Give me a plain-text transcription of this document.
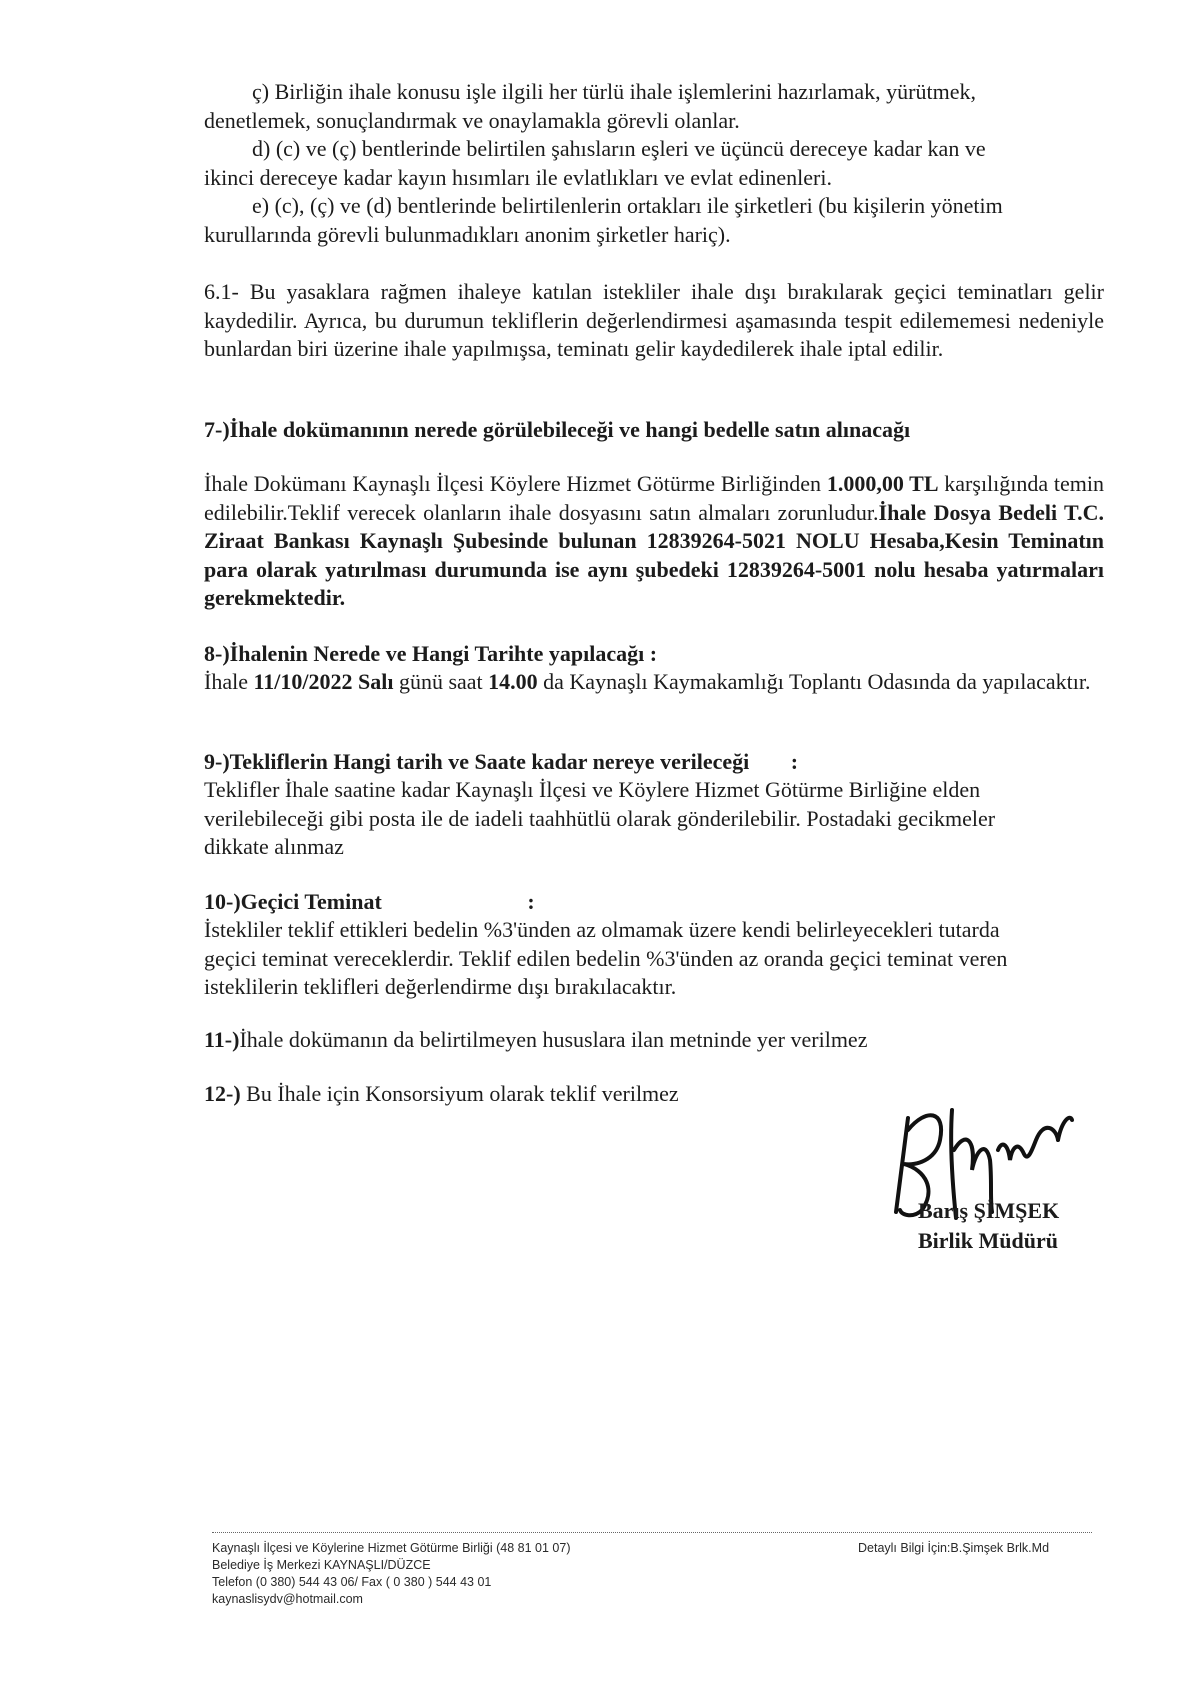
ç) Birliğin ihale konusu işle ilgili her türlü ihale işlemlerini hazırlamak, yürütmek,

denetlemek, sonuçlandırmak ve onaylamakla görevli olanlar.

d) (c) ve (ç) bentlerinde belirtilen şahısların eşleri ve üçüncü dereceye kadar kan ve

ikinci dereceye kadar kayın hısımları ile evlatlıkları ve evlat edinenleri.

e) (c), (ç) ve (d) bentlerinde belirtilenlerin ortakları ile şirketleri (bu kişilerin yönetim

kurullarında görevli bulunmadıkları anonim şirketler hariç).

6.1- Bu yasaklara rağmen ihaleye katılan istekliler ihale dışı bırakılarak geçici teminatları gelir kaydedilir. Ayrıca, bu durumun tekliflerin değerlendirmesi aşamasında tespit edilememesi nedeniyle bunlardan biri üzerine ihale yapılmışsa, teminatı gelir kaydedilerek ihale iptal edilir.

7-)İhale dokümanının nerede görülebileceği ve hangi bedelle satın alınacağı

İhale Dokümanı Kaynaşlı İlçesi Köylere Hizmet Götürme Birliğinden 1.000,00 TL karşılığında temin edilebilir.Teklif verecek olanların ihale dosyasını satın almaları zorunludur.İhale Dosya Bedeli T.C. Ziraat Bankası Kaynaşlı Şubesinde bulunan 12839264-5021 NOLU Hesaba,Kesin Teminatın para olarak yatırılması durumunda ise aynı şubedeki 12839264-5001 nolu hesaba yatırmaları gerekmektedir.

8-)İhalenin Nerede ve Hangi Tarihte yapılacağı :

İhale 11/10/2022 Salı günü saat 14.00 da Kaynaşlı Kaymakamlığı Toplantı Odasında da yapılacaktır.

9-)Tekliflerin Hangi tarih ve Saate kadar nereye verileceği :

Teklifler İhale saatine kadar Kaynaşlı İlçesi ve Köylere Hizmet Götürme Birliğine elden

verilebileceği gibi posta ile de iadeli taahhütlü olarak gönderilebilir. Postadaki gecikmeler

dikkate alınmaz

10-)Geçici Teminat	:

İstekliler teklif ettikleri bedelin %3'ünden az olmamak üzere kendi belirleyecekleri tutarda

geçici teminat vereceklerdir. Teklif edilen bedelin %3'ünden az oranda geçici teminat veren

isteklilerin teklifleri değerlendirme dışı bırakılacaktır.

11-)İhale dokümanın da belirtilmeyen hususlara ilan metninde yer verilmez

12-) Bu İhale için Konsorsiyum olarak teklif verilmez

Barış ŞİMŞEK
Birlik Müdürü
Kaynaşlı İlçesi ve Köylerine Hizmet Götürme Birliği (48 81 01 07)
Belediye İş Merkezi KAYNAŞLI/DÜZCE
Telefon (0 380) 544 43 06/ Fax ( 0 380 ) 544 43 01
kaynaslisydv@hotmail.com
Detaylı Bilgi İçin:B.Şimşek Brlk.Md
